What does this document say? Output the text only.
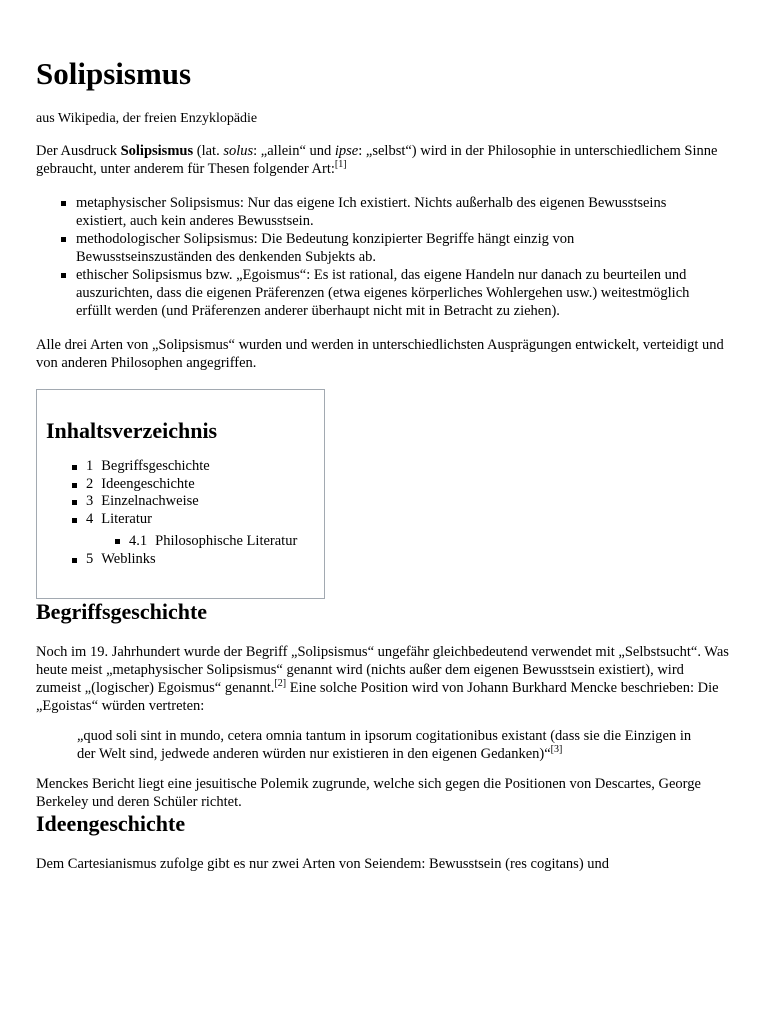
Solipsismus
aus Wikipedia, der freien Enzyklopädie

Der Ausdruck Solipsismus (lat. solus: „allein“ und ipse: „selbst“) wird in der Philosophie in unterschiedlichem Sinne gebraucht, unter anderem für Thesen folgender Art:[1]

metaphysischer Solipsismus: Nur das eigene Ich existiert. Nichts außerhalb des eigenen Bewusstseins existiert, auch kein anderes Bewusstsein.
methodologischer Solipsismus: Die Bedeutung konzipierter Begriffe hängt einzig von Bewusstseinszuständen des denkenden Subjekts ab.
ethischer Solipsismus bzw. „Egoismus“: Es ist rational, das eigene Handeln nur danach zu beurteilen und auszurichten, dass die eigenen Präferenzen (etwa eigenes körperliches Wohlergehen usw.) weitestmöglich erfüllt werden (und Präferenzen anderer überhaupt nicht mit in Betracht zu ziehen).

Alle drei Arten von „Solipsismus“ wurden und werden in unterschiedlichsten Ausprägungen entwickelt, verteidigt und von anderen Philosophen angegriffen.

Inhaltsverzeichnis
1 Begriffsgeschichte
2 Ideengeschichte
3 Einzelnachweise
4 Literatur
4.1 Philosophische Literatur
5 Weblinks
Begriffsgeschichte

Noch im 19. Jahrhundert wurde der Begriff „Solipsismus“ ungefähr gleichbedeutend verwendet mit „Selbstsucht“. Was heute meist „metaphysischer Solipsismus“ genannt wird (nichts außer dem eigenen Bewusstsein existiert), wird zumeist „(logischer) Egoismus“ genannt.[2] Eine solche Position wird von Johann Burkhard Mencke beschrieben: Die „Egoistas“ würden vertreten:

„quod soli sint in mundo, cetera omnia tantum in ipsorum cogitationibus existant (dass sie die Einzigen in der Welt sind, jedwede anderen würden nur existieren in den eigenen Gedanken)“[3]

Menckes Bericht liegt eine jesuitische Polemik zugrunde, welche sich gegen die Positionen von Descartes, George Berkeley und deren Schüler richtet.

Ideengeschichte

Dem Cartesianismus zufolge gibt es nur zwei Arten von Seiendem: Bewusstsein (res cogitans) und
